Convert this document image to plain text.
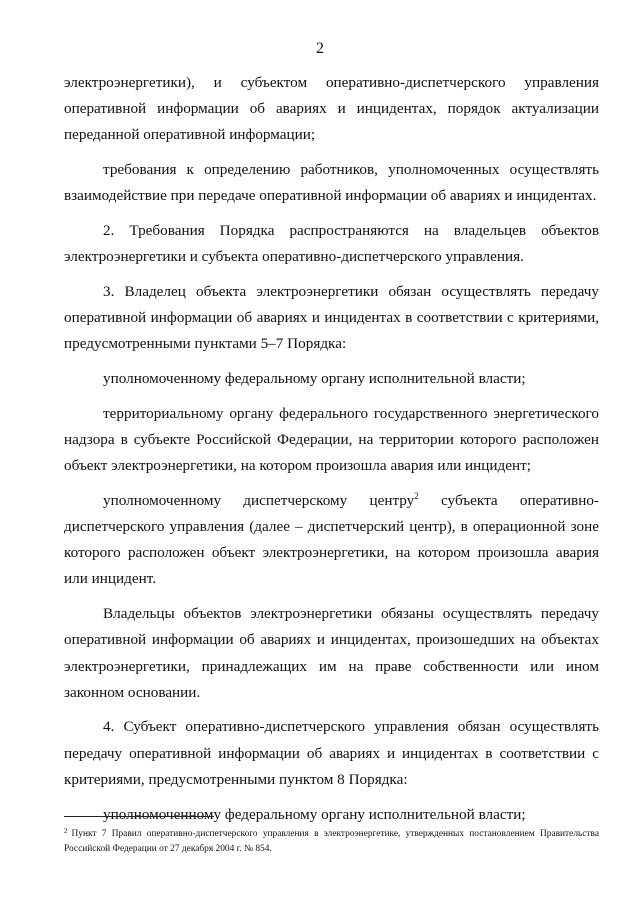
2

электроэнергетики), и субъектом оперативно-диспетчерского управления оперативной информации об авариях и инцидентах, порядок актуализации переданной оперативной информации;

требования к определению работников, уполномоченных осуществлять взаимодействие при передаче оперативной информации об авариях и инцидентах.

2. Требования Порядка распространяются на владельцев объектов электроэнергетики и субъекта оперативно-диспетчерского управления.

3. Владелец объекта электроэнергетики обязан осуществлять передачу оперативной информации об авариях и инцидентах в соответствии с критериями, предусмотренными пунктами 5–7 Порядка:

уполномоченному федеральному органу исполнительной власти;

территориальному органу федерального государственного энергетического надзора в субъекте Российской Федерации, на территории которого расположен объект электроэнергетики, на котором произошла авария или инцидент;

уполномоченному диспетчерскому центру$^2$ субъекта оперативно-диспетчерского управления (далее – диспетчерский центр), в операционной зоне которого расположен объект электроэнергетики, на котором произошла авария или инцидент.

Владельцы объектов электроэнергетики обязаны осуществлять передачу оперативной информации об авариях и инцидентах, произошедших на объектах электроэнергетики, принадлежащих им на праве собственности или ином законном основании.

4. Субъект оперативно-диспетчерского управления обязан осуществлять передачу оперативной информации об авариях и инцидентах в соответствии с критериями, предусмотренными пунктом 8 Порядка:

уполномоченному федеральному органу исполнительной власти;

$^2$ Пункт 7 Правил оперативно-диспетчерского управления в электроэнергетике, утвержденных постановлением Правительства Российской Федерации от 27 декабря 2004 г. № 854.
